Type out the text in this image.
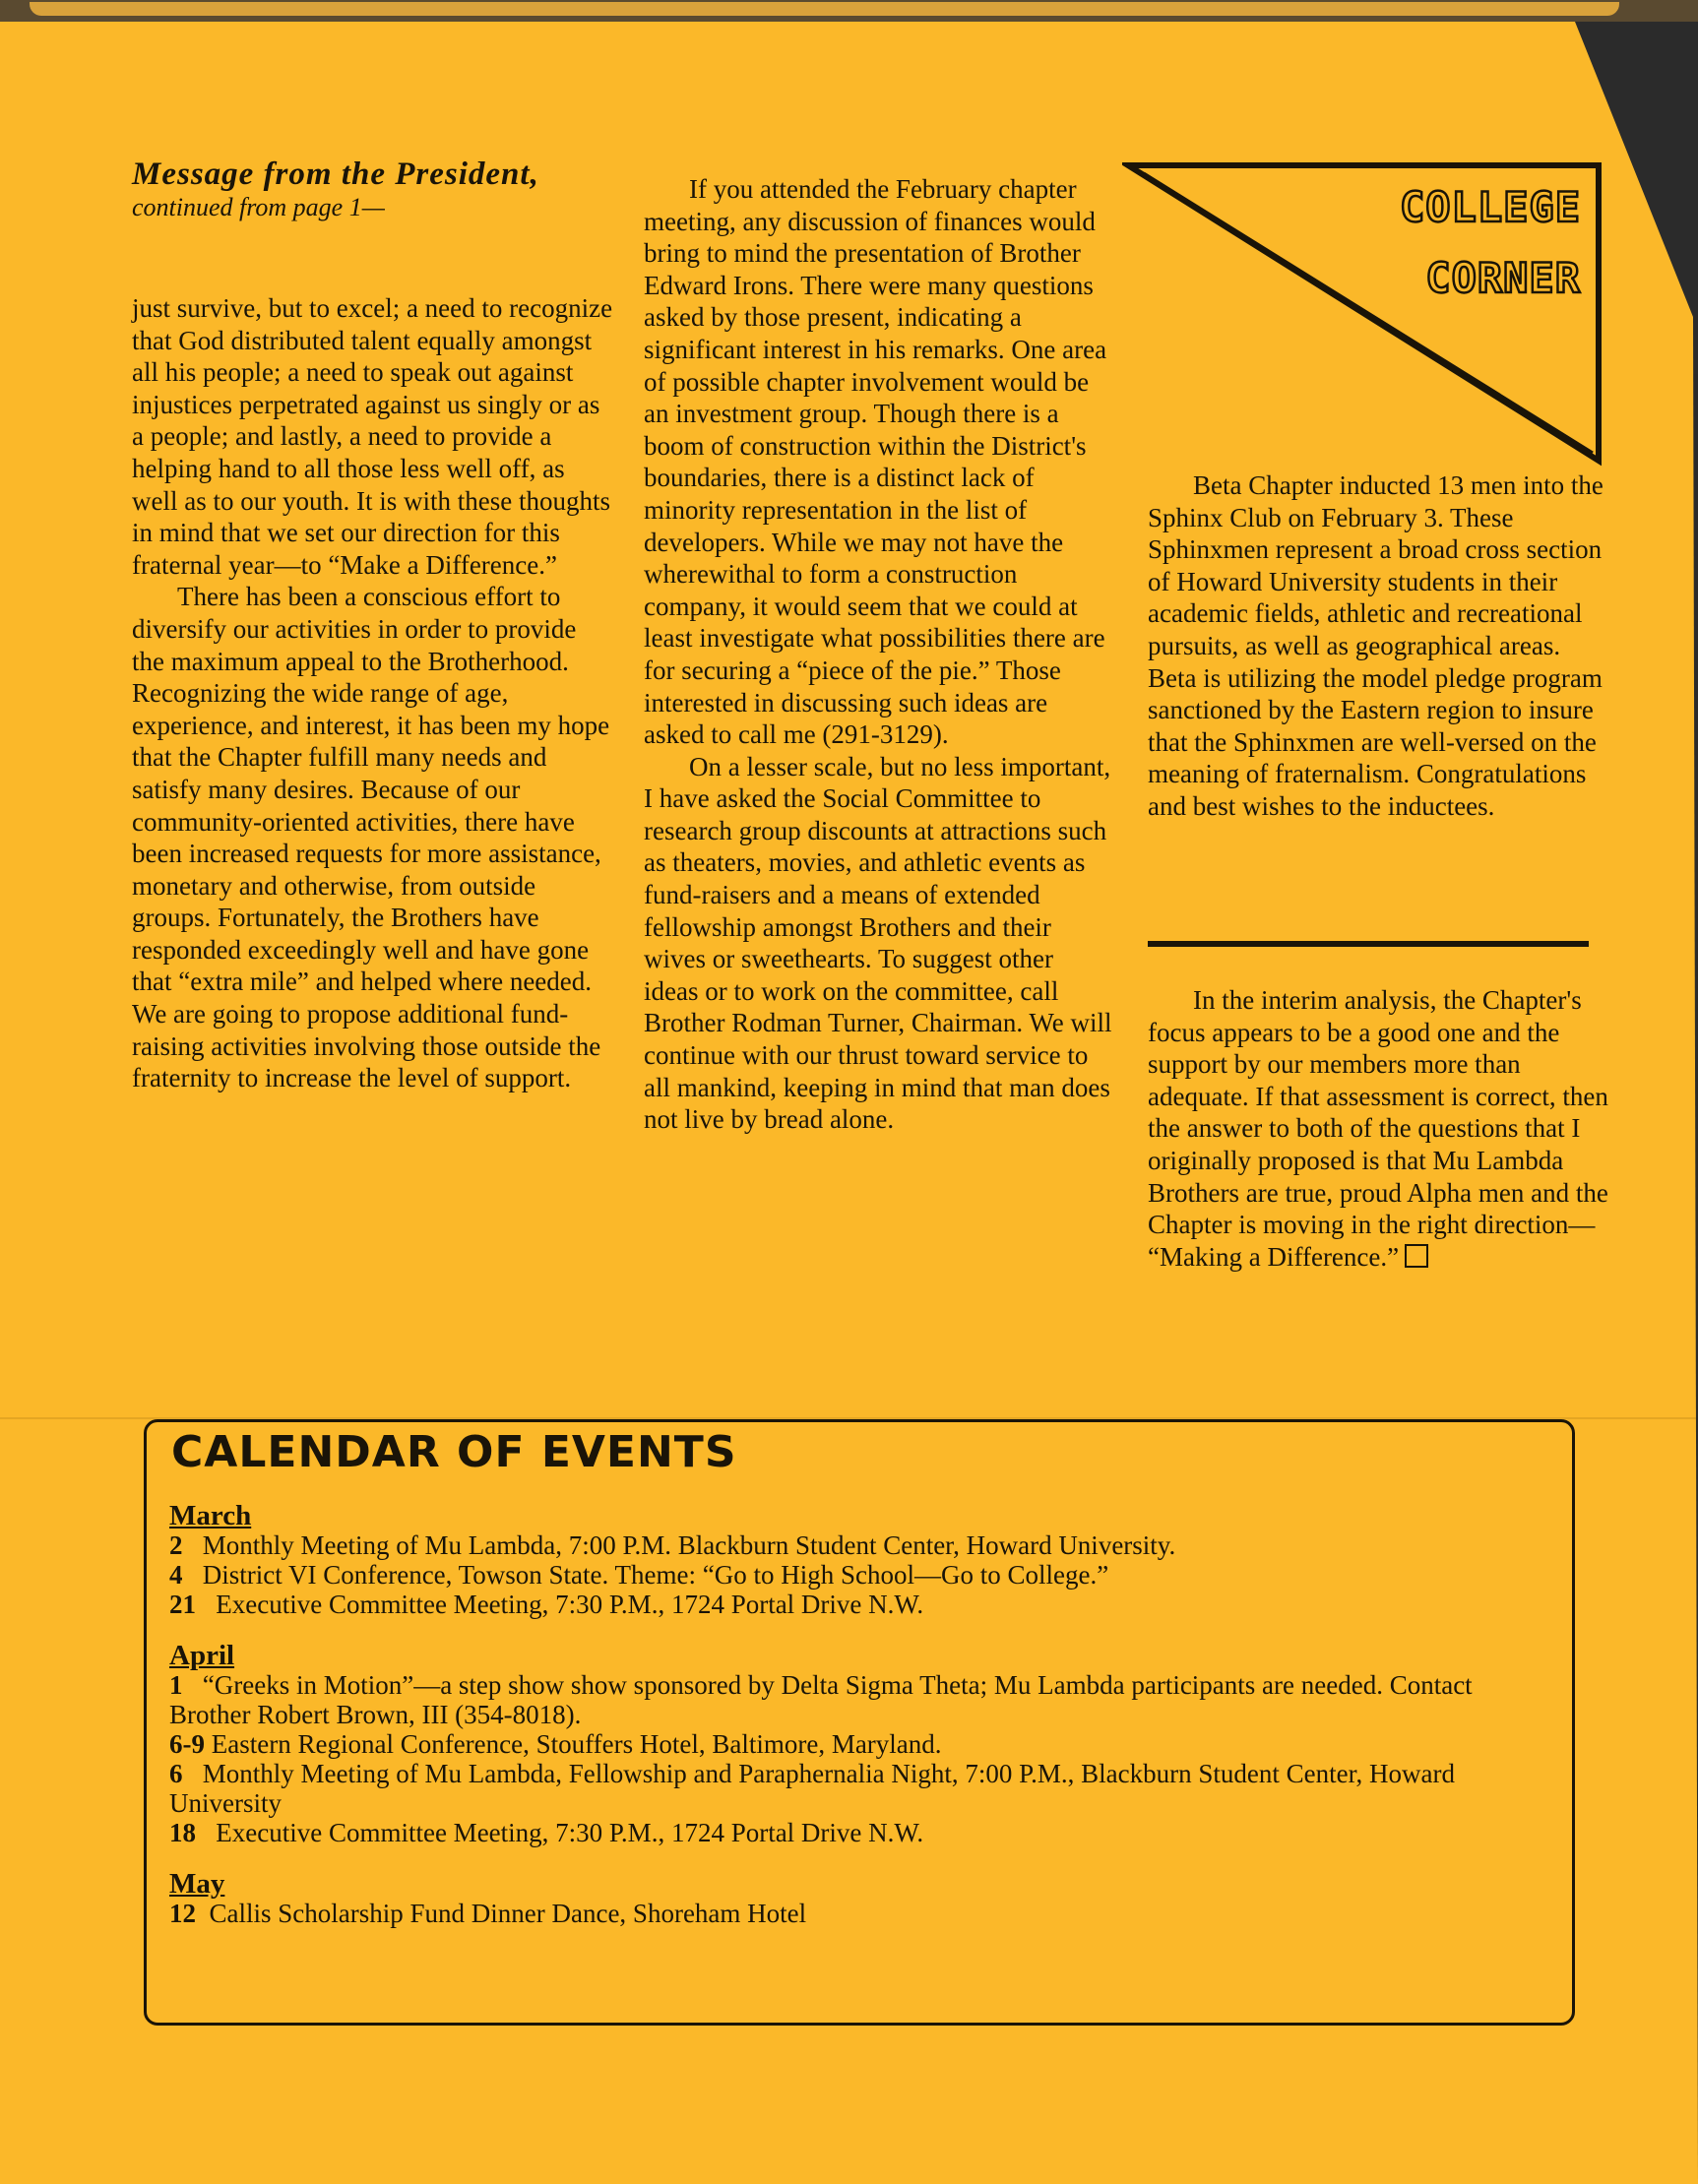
Message from the President,
continued from page 1—

just survive, but to excel; a need to recognize that God distributed talent equally amongst all his people; a need to speak out against injustices perpetrated against us singly or as a people; and lastly, a need to provide a helping hand to all those less well off, as well as to our youth. It is with these thoughts in mind that we set our direction for this fraternal year—to “Make a Difference.”

There has been a conscious effort to diversify our activities in order to provide the maximum appeal to the Brotherhood. Recognizing the wide range of age, experience, and interest, it has been my hope that the Chapter fulfill many needs and satisfy many desires. Because of our community-oriented activities, there have been increased requests for more assistance, monetary and otherwise, from outside groups. Fortunately, the Brothers have responded exceedingly well and have gone that “extra mile” and helped where needed. We are going to propose additional fund-raising activities involving those outside the fraternity to increase the level of support.

If you attended the February chapter meeting, any discussion of finances would bring to mind the presentation of Brother Edward Irons. There were many questions asked by those present, indicating a significant interest in his remarks. One area of possible chapter involvement would be an investment group. Though there is a boom of construction within the District's boundaries, there is a distinct lack of minority representation in the list of developers. While we may not have the wherewithal to form a construction company, it would seem that we could at least investigate what possibilities there are for securing a “piece of the pie.” Those interested in discussing such ideas are asked to call me (291-3129).

On a lesser scale, but no less important, I have asked the Social Committee to research group discounts at attractions such as theaters, movies, and athletic events as fund-raisers and a means of extended fellowship amongst Brothers and their wives or sweethearts. To suggest other ideas or to work on the committee, call Brother Rodman Turner, Chairman. We will continue with our thrust toward service to all mankind, keeping in mind that man does not live by bread alone.

COLLEGE
CORNER

Beta Chapter inducted 13 men into the Sphinx Club on February 3. These Sphinxmen represent a broad cross section of Howard University students in their academic fields, athletic and recreational pursuits, as well as geographical areas. Beta is utilizing the model pledge program sanctioned by the Eastern region to insure that the Sphinxmen are well-versed on the meaning of fraternalism. Congratulations and best wishes to the inductees.

In the interim analysis, the Chapter's focus appears to be a good one and the support by our members more than adequate. If that assessment is correct, then the answer to both of the questions that I originally proposed is that Mu Lambda Brothers are true, proud Alpha men and the Chapter is moving in the right direction— “Making a Difference.”

CALENDAR OF EVENTS
March

2 Monthly Meeting of Mu Lambda, 7:00 P.M. Blackburn Student Center, Howard University.

4 District VI Conference, Towson State. Theme: “Go to High School—Go to College.”

21 Executive Committee Meeting, 7:30 P.M., 1724 Portal Drive N.W.

April

1 “Greeks in Motion”—a step show show sponsored by Delta Sigma Theta; Mu Lambda participants are needed. Contact Brother Robert Brown, III (354-8018).

6-9 Eastern Regional Conference, Stouffers Hotel, Baltimore, Maryland.

6 Monthly Meeting of Mu Lambda, Fellowship and Paraphernalia Night, 7:00 P.M., Blackburn Student Center, Howard University

18 Executive Committee Meeting, 7:30 P.M., 1724 Portal Drive N.W.

May

12 Callis Scholarship Fund Dinner Dance, Shoreham Hotel
